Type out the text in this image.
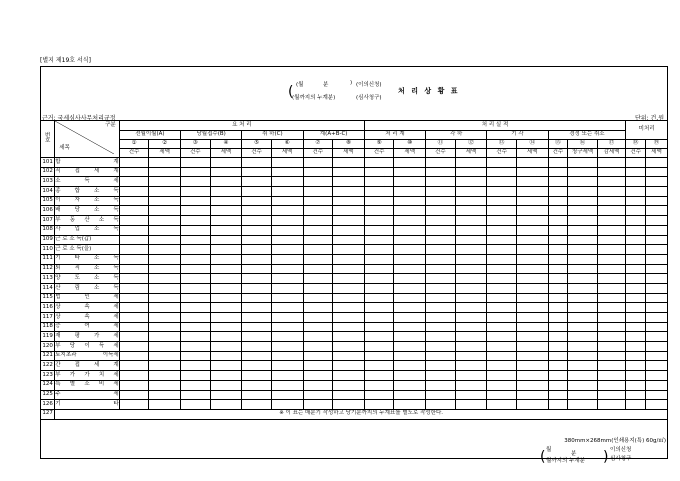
[별지 제19호 서식]
(월	분	)
(월까지의 누계분)
(	(이의신청)
(심사청구)
처 리 상 황 표
근거: 국세심사사무처리규정	단위: 건,원
번
호	구분
세목	요 처 리								처 리 실 적									미처리	
		전월이월(A)		당월접수(B)		취 하(C)		계(A+B-C)		처 리 계		각 하		기 각		경정 또는 취소				
		①	②	③	④	⑤	⑥	⑦	⑧	⑨	⑩	⑪	⑫	⑬	⑭	⑮	⑯	⑰	⑱	⑲
		건수	세액	건수	세액	건수	세액	건수	세액	건수	세액	건수	세액	건수	세액	건수	청구세액	감세액	건수	세액
101	합 계																			
102	직 접 세 계																			
103	소 득 세																			
104	종 합 소 득																			
105	이 자 소 득																			
106	배 당 소 득																			
107	부 동 산 소 득																			
108	사 업 소 득																			
109	근 로 소 득(갑)																			
110	근 로 소 득(을)																			
111	기 타 소 득																			
112	퇴 직 소 득																			
113	양 도 소 득																			
114	산 림 소 득																			
115	법 인 세																			
116	상 속 세																			
117	상 속 세																			
118	증 여 세																			
119	재 평 가 세																			
120	부 당 이 득 세																			
121	토지초과 이득세																			
122	간 접 세 계																			
123	부 가 가 치 세																			
124	특 별 소 비 세																			
125	주 세																			
126	기 타																			
127	※ 이 표는 매분기 작성하고 당기분까지의 누계표를 별도로 작성한다.																			
380mm×268mm(인쇄용지(특) 60g/㎡)
( 월
분
월까지의 누계분 ) 이의신청
심사청구
